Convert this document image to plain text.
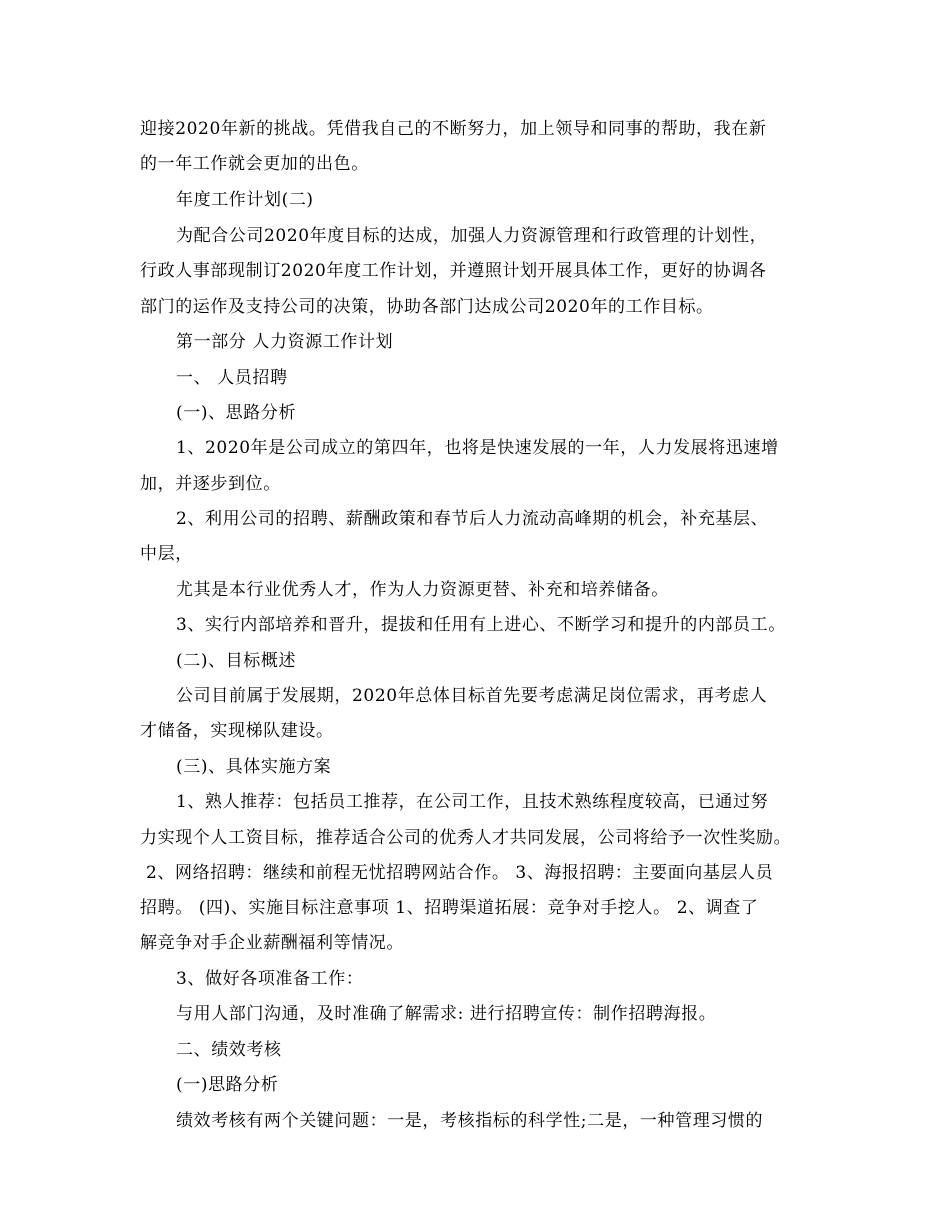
迎接2020年新的挑战。凭借我自己的不断努力，加上领导和同事的帮助，我在新
的一年工作就会更加的出色。
年度工作计划(二)
为配合公司2020年度目标的达成，加强人力资源管理和行政管理的计划性，
行政人事部现制订2020年度工作计划，并遵照计划开展具体工作，更好的协调各
部门的运作及支持公司的决策，协助各部门达成公司2020年的工作目标。
第一部分 人力资源工作计划
一、 人员招聘
(一)、思路分析
1、2020年是公司成立的第四年，也将是快速发展的一年，人力发展将迅速增
加，并逐步到位。
2、利用公司的招聘、薪酬政策和春节后人力流动高峰期的机会，补充基层、
中层，
尤其是本行业优秀人才，作为人力资源更替、补充和培养储备。
3、实行内部培养和晋升，提拔和任用有上进心、不断学习和提升的内部员工。
(二)、目标概述
公司目前属于发展期，2020年总体目标首先要考虑满足岗位需求，再考虑人
才储备，实现梯队建设。
(三)、具体实施方案
1、熟人推荐：包括员工推荐，在公司工作，且技术熟练程度较高，已通过努
力实现个人工资目标，推荐适合公司的优秀人才共同发展，公司将给予一次性奖励。
2、网络招聘：继续和前程无忧招聘网站合作。 3、海报招聘：主要面向基层人员
招聘。 (四)、实施目标注意事项 1、招聘渠道拓展：竞争对手挖人。 2、调查了
解竞争对手企业薪酬福利等情况。
3、做好各项准备工作：
与用人部门沟通，及时准确了解需求: 进行招聘宣传：制作招聘海报。
二、绩效考核
(一)思路分析
绩效考核有两个关键问题：一是，考核指标的科学性;二是，一种管理习惯的
